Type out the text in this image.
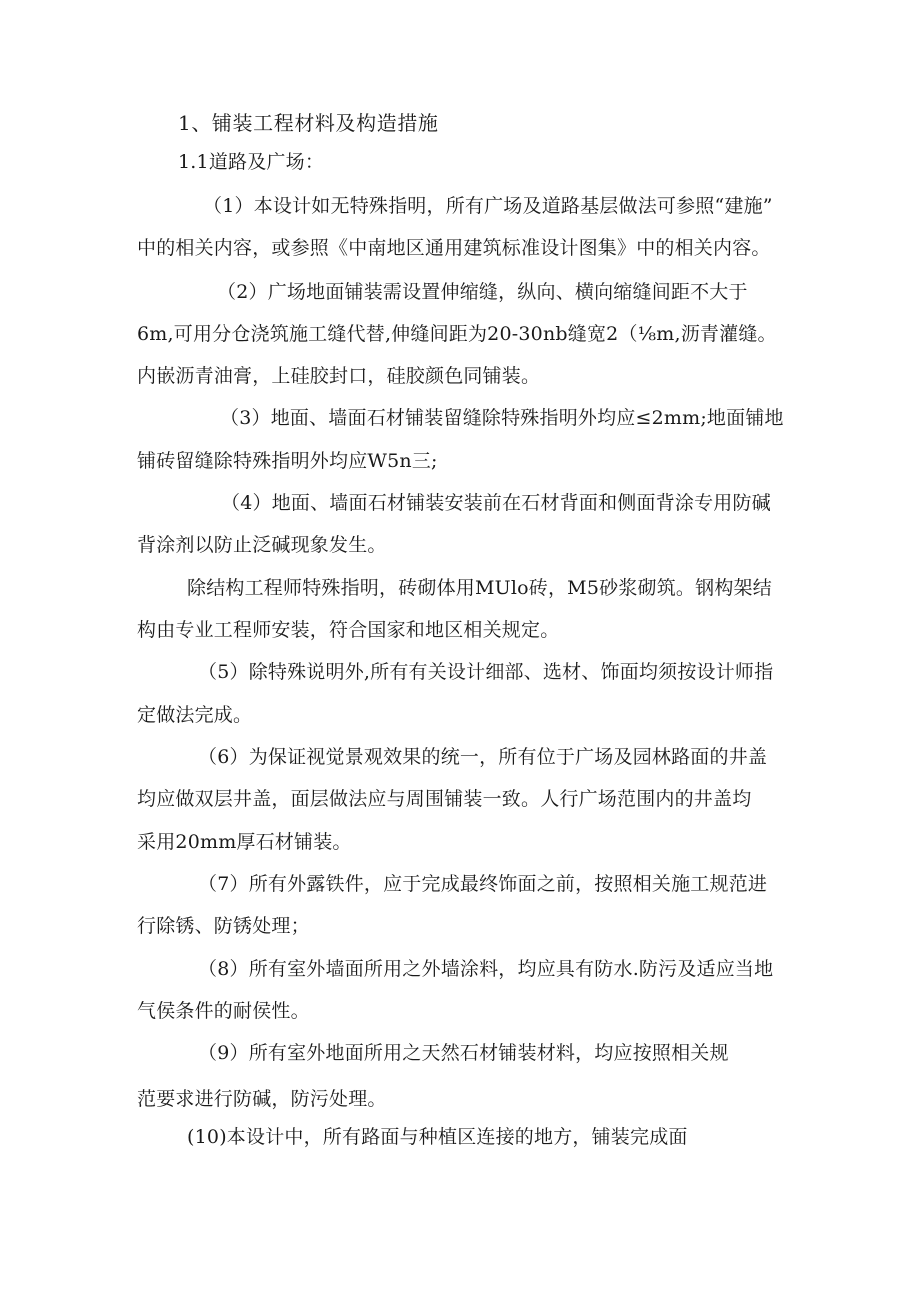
1、铺装工程材料及构造措施
1.1道路及广场：
（1）本设计如无特殊指明，所有广场及道路基层做法可参照“建施”
中的相关内容，或参照《中南地区通用建筑标准设计图集》中的相关内容。
（2）广场地面铺装需设置伸缩缝，纵向、横向缩缝间距不大于
6m,可用分仓浇筑施工缝代替,伸缝间距为20-30nb缝宽2（⅛m,沥青灌缝。
内嵌沥青油膏，上硅胶封口，硅胶颜色同铺装。
（3）地面、墙面石材铺装留缝除特殊指明外均应≤2mm;地面铺地
铺砖留缝除特殊指明外均应W5n三;
（4）地面、墙面石材铺装安装前在石材背面和侧面背涂专用防碱
背涂剂以防止泛碱现象发生。
除结构工程师特殊指明，砖砌体用MUlo砖，M5砂浆砌筑。钢构架结
构由专业工程师安装，符合国家和地区相关规定。
（5）除特殊说明外,所有有关设计细部、选材、饰面均须按设计师指
定做法完成。
（6）为保证视觉景观效果的统一，所有位于广场及园林路面的井盖
均应做双层井盖，面层做法应与周围铺装一致。人行广场范围内的井盖均
采用20mm厚石材铺装。
（7）所有外露铁件，应于完成最终饰面之前，按照相关施工规范进
行除锈、防锈处理；
（8）所有室外墙面所用之外墙涂料，均应具有防水.防污及适应当地
气侯条件的耐侯性。
（9）所有室外地面所用之天然石材铺装材料，均应按照相关规
范要求进行防碱，防污处理。
(10)本设计中，所有路面与种植区连接的地方，铺装完成面
